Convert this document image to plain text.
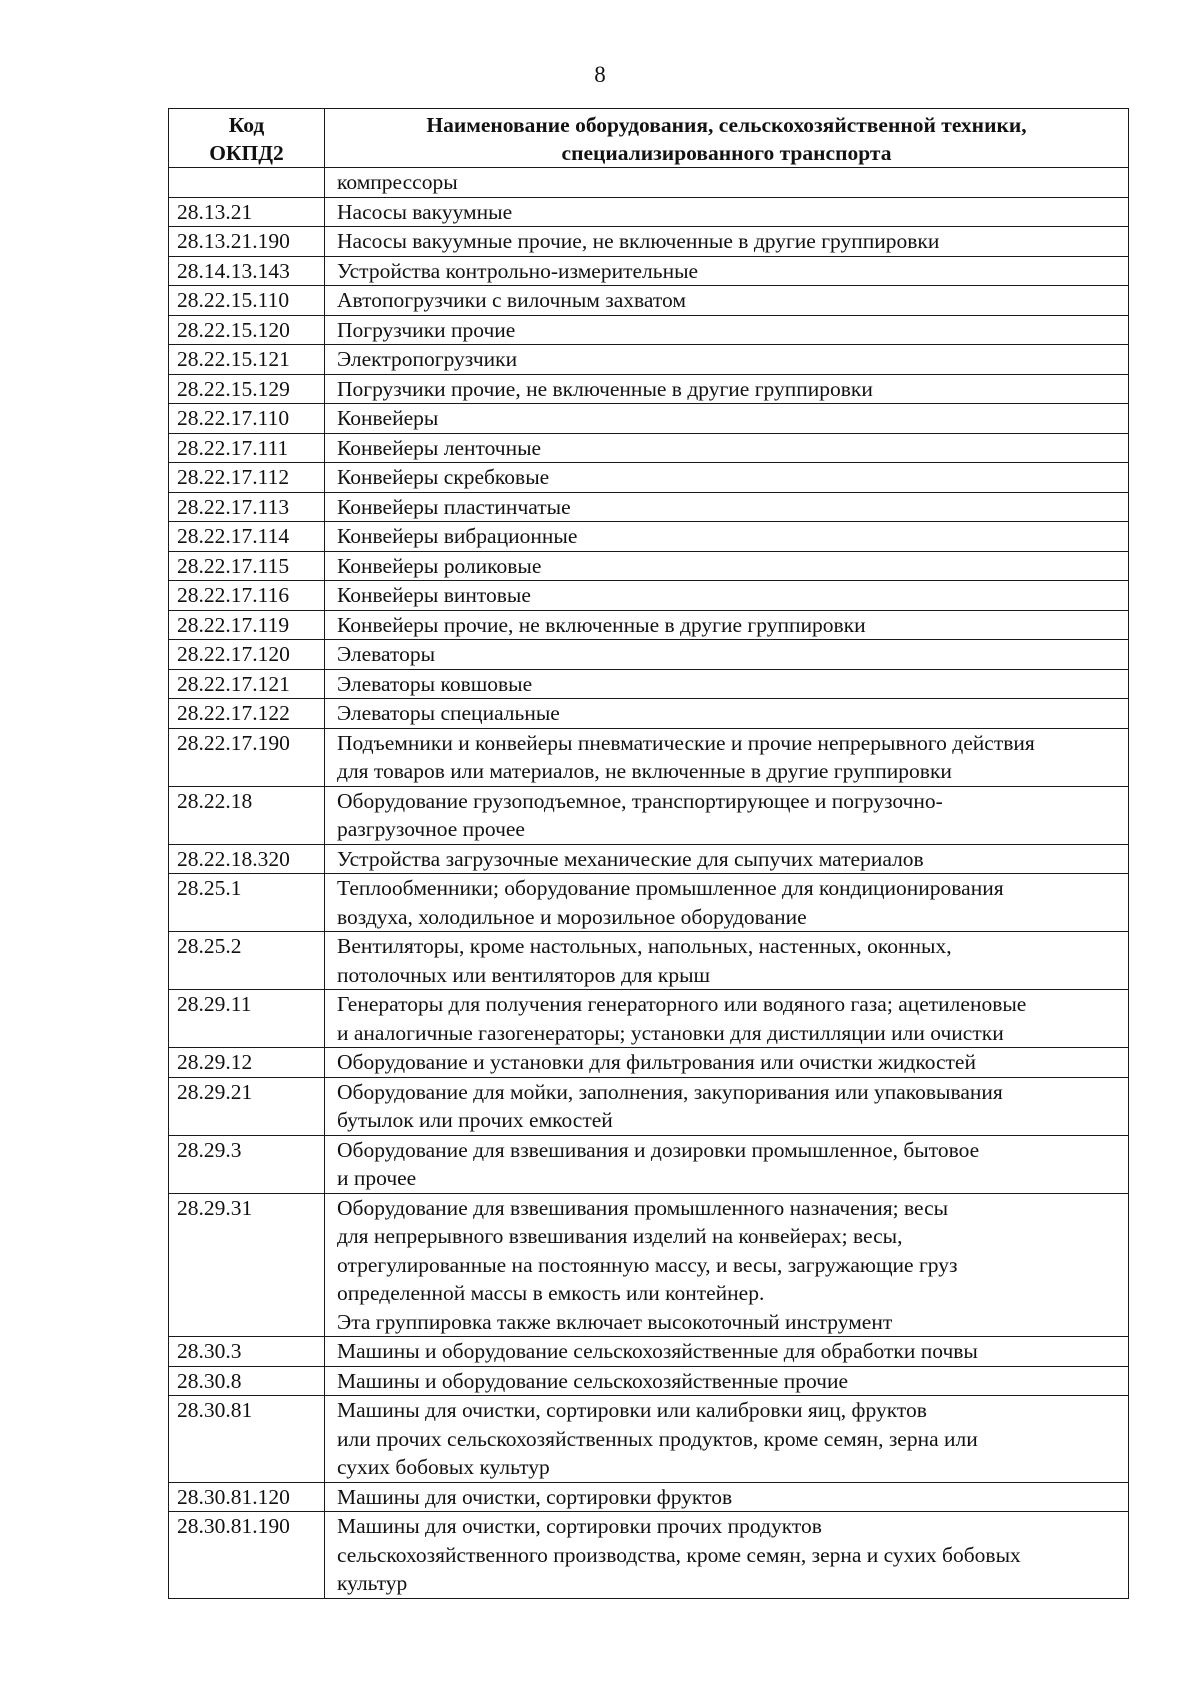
8
Код
ОКПД2	Наименование оборудования, сельскохозяйственной техники,
специализированного транспорта

	компрессоры

28.13.21	Насосы вакуумные

28.13.21.190	Насосы вакуумные прочие, не включенные в другие группировки

28.14.13.143	Устройства контрольно-измерительные

28.22.15.110	Автопогрузчики с вилочным захватом

28.22.15.120	Погрузчики прочие

28.22.15.121	Электропогрузчики

28.22.15.129	Погрузчики прочие, не включенные в другие группировки

28.22.17.110	Конвейеры

28.22.17.111	Конвейеры ленточные

28.22.17.112	Конвейеры скребковые

28.22.17.113	Конвейеры пластинчатые

28.22.17.114	Конвейеры вибрационные

28.22.17.115	Конвейеры роликовые

28.22.17.116	Конвейеры винтовые

28.22.17.119	Конвейеры прочие, не включенные в другие группировки

28.22.17.120	Элеваторы

28.22.17.121	Элеваторы ковшовые

28.22.17.122	Элеваторы специальные

28.22.17.190	Подъемники и конвейеры пневматические и прочие непрерывного действия
для товаров или материалов, не включенные в другие группировки

28.22.18	Оборудование грузоподъемное, транспортирующее и погрузочно-
разгрузочное прочее

28.22.18.320	Устройства загрузочные механические для сыпучих материалов

28.25.1	Теплообменники; оборудование промышленное для кондиционирования
воздуха, холодильное и морозильное оборудование

28.25.2	Вентиляторы, кроме настольных, напольных, настенных, оконных,
потолочных или вентиляторов для крыш

28.29.11	Генераторы для получения генераторного или водяного газа; ацетиленовые
и аналогичные газогенераторы; установки для дистилляции или очистки

28.29.12	Оборудование и установки для фильтрования или очистки жидкостей

28.29.21	Оборудование для мойки, заполнения, закупоривания или упаковывания
бутылок или прочих емкостей

28.29.3	Оборудование для взвешивания и дозировки промышленное, бытовое
и прочее

28.29.31	Оборудование для взвешивания промышленного назначения; весы
для непрерывного взвешивания изделий на конвейерах; весы,
отрегулированные на постоянную массу, и весы, загружающие груз
определенной массы в емкость или контейнер.
Эта группировка также включает высокоточный инструмент

28.30.3	Машины и оборудование сельскохозяйственные для обработки почвы

28.30.8	Машины и оборудование сельскохозяйственные прочие

28.30.81	Машины для очистки, сортировки или калибровки яиц, фруктов
или прочих сельскохозяйственных продуктов, кроме семян, зерна или
сухих бобовых культур

28.30.81.120	Машины для очистки, сортировки фруктов

28.30.81.190	Машины для очистки, сортировки прочих продуктов
сельскохозяйственного производства, кроме семян, зерна и сухих бобовых
культур
